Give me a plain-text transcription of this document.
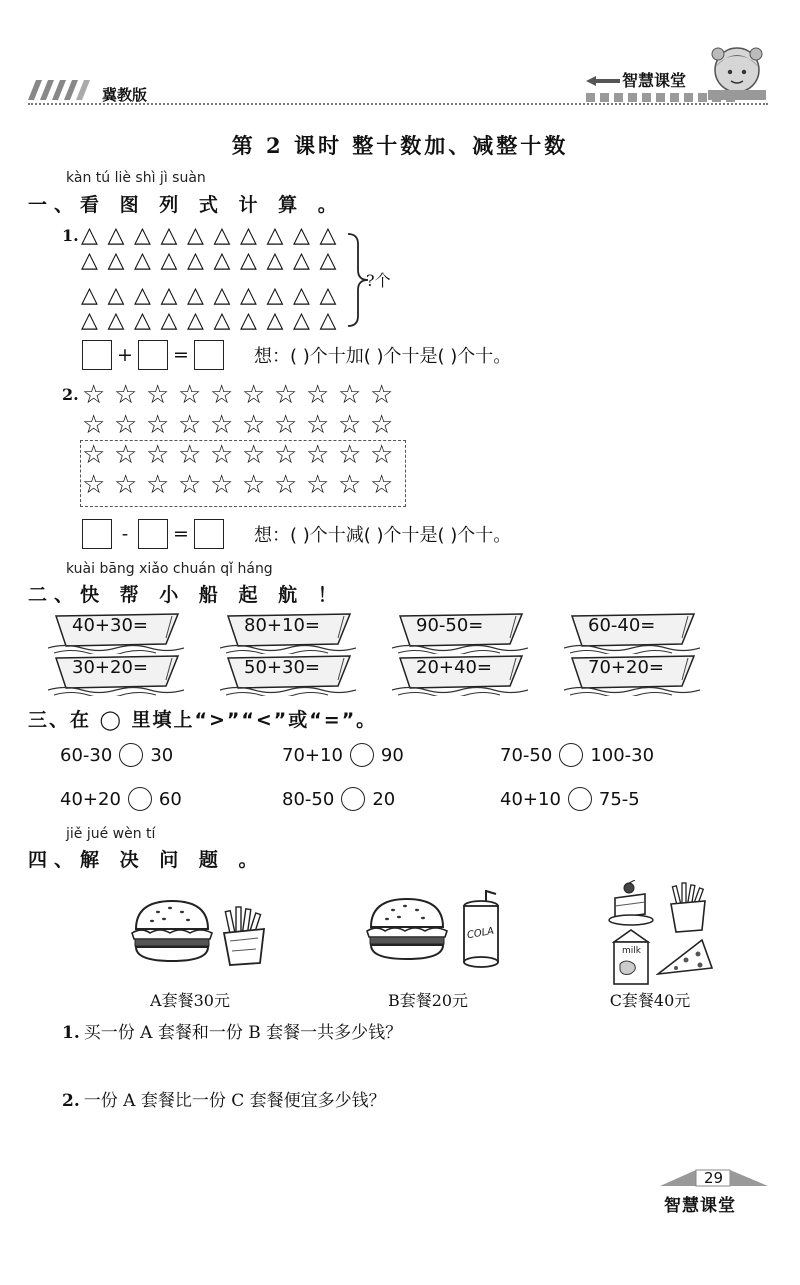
冀教版
智慧课堂
第 2 课时 整十数加、减整十数
kàn tú liè shì jì suàn
一、看 图 列 式 计 算 。
1. △ △ △ △ △ △ △ △ △ △
△ △ △ △ △ △ △ △ △ △
△ △ △ △ △ △ △ △ △ △
△ △ △ △ △ △ △ △ △ △
?个
+ =	想：( )个十加( )个十是( )个十。
2. ☆ ☆ ☆ ☆ ☆ ☆ ☆ ☆ ☆ ☆
☆ ☆ ☆ ☆ ☆ ☆ ☆ ☆ ☆ ☆
☆ ☆ ☆ ☆ ☆ ☆ ☆ ☆ ☆ ☆
☆ ☆ ☆ ☆ ☆ ☆ ☆ ☆ ☆ ☆
-	=	想：( )个十减( )个十是( )个十。
kuài bāng xiǎo chuán qǐ háng
二、快 帮 小 船 起 航 ！
40+30=	80+10=	90-50=	60-40=
30+20=	50+30=	20+40=	70+20=
三、在 ◯ 里填上“>”“<”或“=”。
60-30 30	70+10 90	70-50 100-30
40+20 60	80-50 20	40+10 75-5
jiě jué wèn tí
四、解 决 问 题 。
A套餐30元
COLA
B套餐20元
milk
C套餐40元
1. 买一份 A 套餐和一份 B 套餐一共多少钱？
2. 一份 A 套餐比一份 C 套餐便宜多少钱？
29
智慧课堂
